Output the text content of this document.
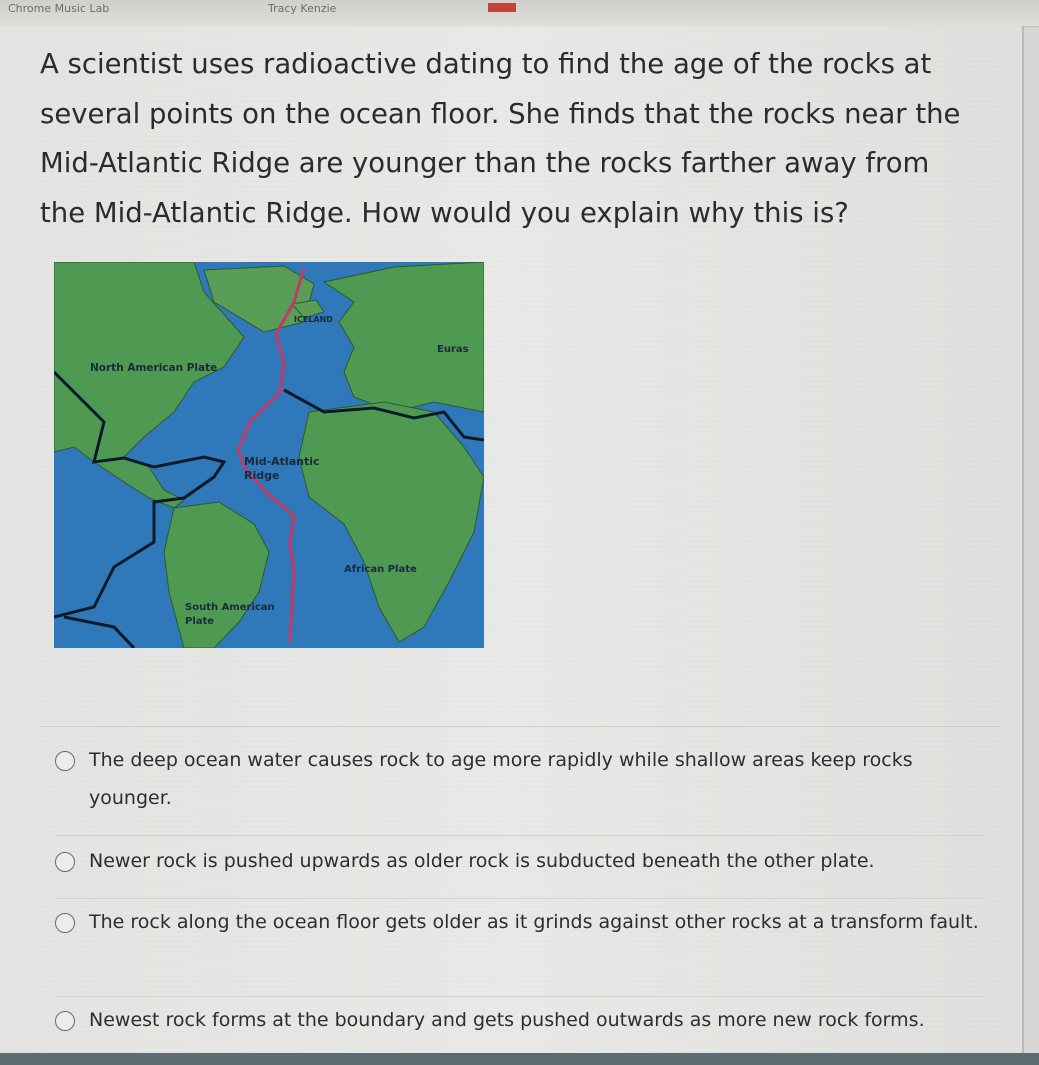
Chrome Music Lab	Tracy Kenzie
A scientist uses radioactive dating to find the age of the rocks at several points on the ocean floor. She finds that the rocks near the Mid-Atlantic Ridge are younger than the rocks farther away from the Mid-Atlantic Ridge. How would you explain why this is?
ICELAND
Euras
North American Plate
Mid-Atlantic
Ridge
African Plate
South American
Plate
The deep ocean water causes rock to age more rapidly while shallow areas keep rocks younger.
Newer rock is pushed upwards as older rock is subducted beneath the other plate.
The rock along the ocean floor gets older as it grinds against other rocks at a transform fault.
Newest rock forms at the boundary and gets pushed outwards as more new rock forms.
